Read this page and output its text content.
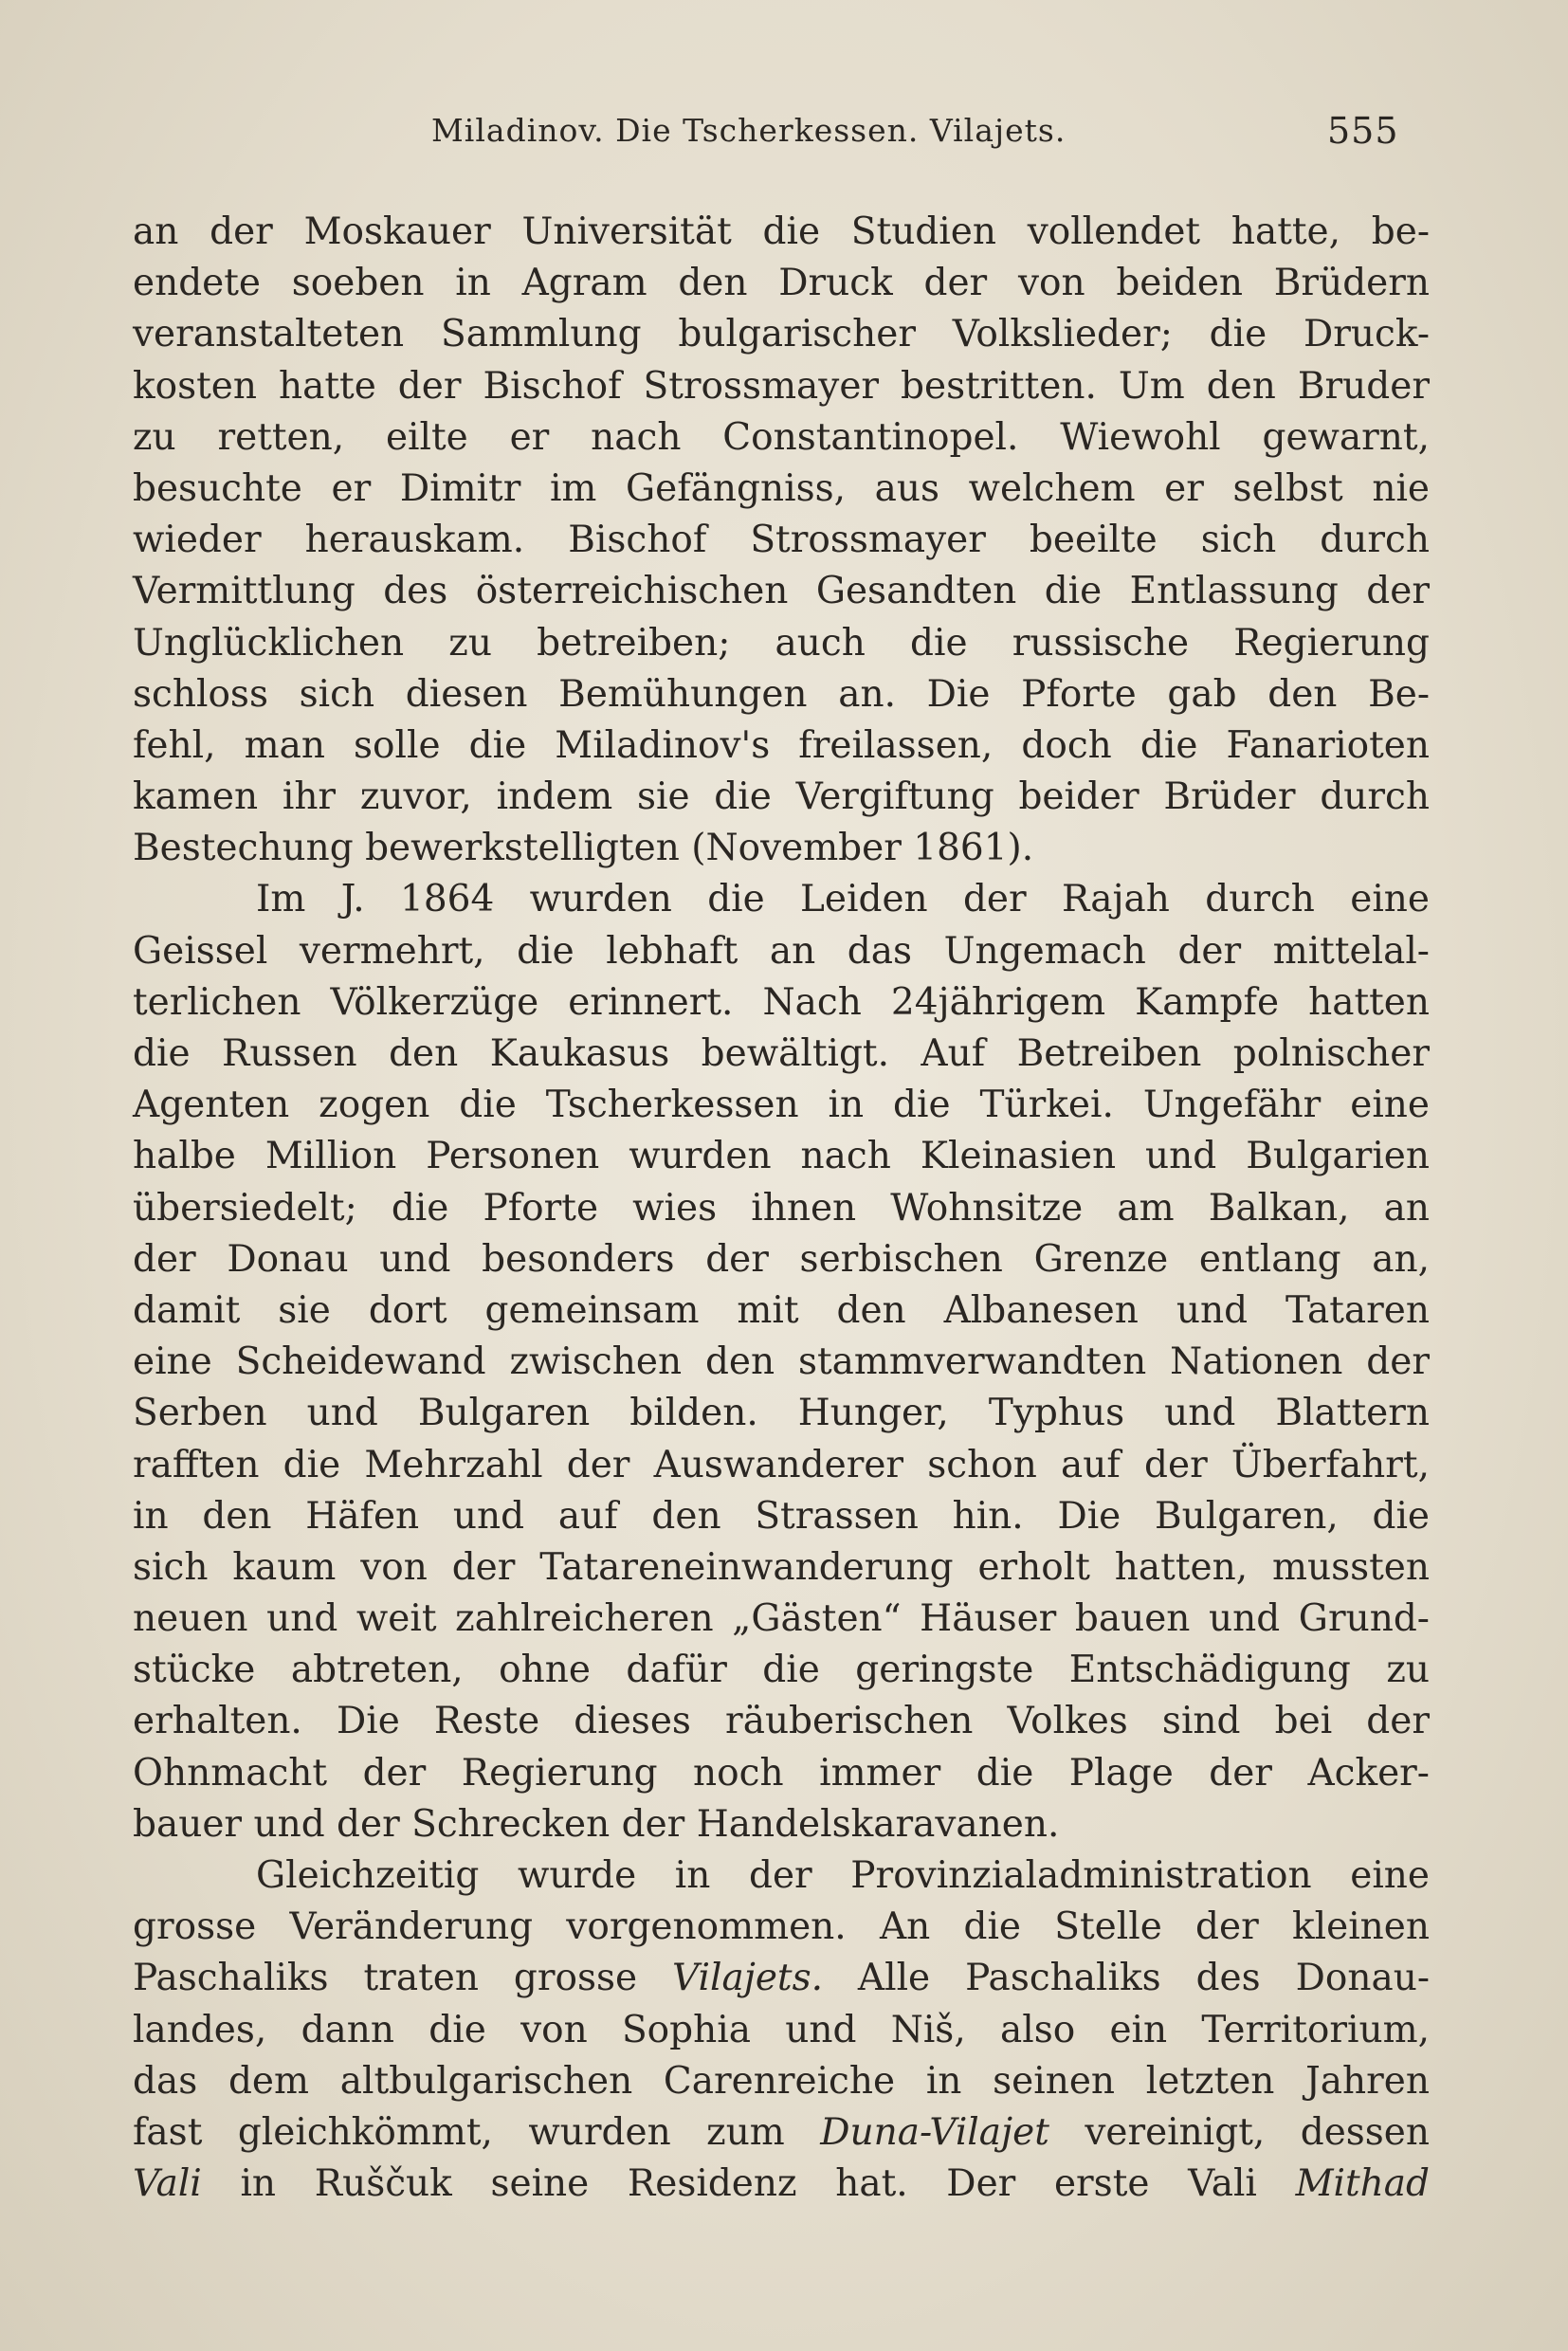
Miladinov. Die Tscherkessen. Vilajets.	555
an der Moskauer Universität die Studien vollendet hatte, be-
endete soeben in Agram den Druck der von beiden Brüdern
veranstalteten Sammlung bulgarischer Volkslieder; die Druck-
kosten hatte der Bischof Strossmayer bestritten. Um den Bruder
zu retten, eilte er nach Constantinopel. Wiewohl gewarnt,
besuchte er Dimitr im Gefängniss, aus welchem er selbst nie
wieder herauskam. Bischof Strossmayer beeilte sich durch
Vermittlung des österreichischen Gesandten die Entlassung der
Unglücklichen zu betreiben; auch die russische Regierung
schloss sich diesen Bemühungen an. Die Pforte gab den Be-
fehl, man solle die Miladinov's freilassen, doch die Fanarioten
kamen ihr zuvor, indem sie die Vergiftung beider Brüder durch
Bestechung bewerkstelligten (November 1861).
Im J. 1864 wurden die Leiden der Rajah durch eine
Geissel vermehrt, die lebhaft an das Ungemach der mittelal-
terlichen Völkerzüge erinnert. Nach 24jährigem Kampfe hatten
die Russen den Kaukasus bewältigt. Auf Betreiben polnischer
Agenten zogen die Tscherkessen in die Türkei. Ungefähr eine
halbe Million Personen wurden nach Kleinasien und Bulgarien
übersiedelt; die Pforte wies ihnen Wohnsitze am Balkan, an
der Donau und besonders der serbischen Grenze entlang an,
damit sie dort gemeinsam mit den Albanesen und Tataren
eine Scheidewand zwischen den stammverwandten Nationen der
Serben und Bulgaren bilden. Hunger, Typhus und Blattern
rafften die Mehrzahl der Auswanderer schon auf der Überfahrt,
in den Häfen und auf den Strassen hin. Die Bulgaren, die
sich kaum von der Tatareneinwanderung erholt hatten, mussten
neuen und weit zahlreicheren „Gästen“ Häuser bauen und Grund-
stücke abtreten, ohne dafür die geringste Entschädigung zu
erhalten. Die Reste dieses räuberischen Volkes sind bei der
Ohnmacht der Regierung noch immer die Plage der Acker-
bauer und der Schrecken der Handelskaravanen.
Gleichzeitig wurde in der Provinzialadministration eine
grosse Veränderung vorgenommen. An die Stelle der kleinen
Paschaliks traten grosse Vilajets. Alle Paschaliks des Donau-
landes, dann die von Sophia und Niš, also ein Territorium,
das dem altbulgarischen Carenreiche in seinen letzten Jahren
fast gleichkömmt, wurden zum Duna-Vilajet vereinigt, dessen
Vali in Ruščuk seine Residenz hat. Der erste Vali Mithad
